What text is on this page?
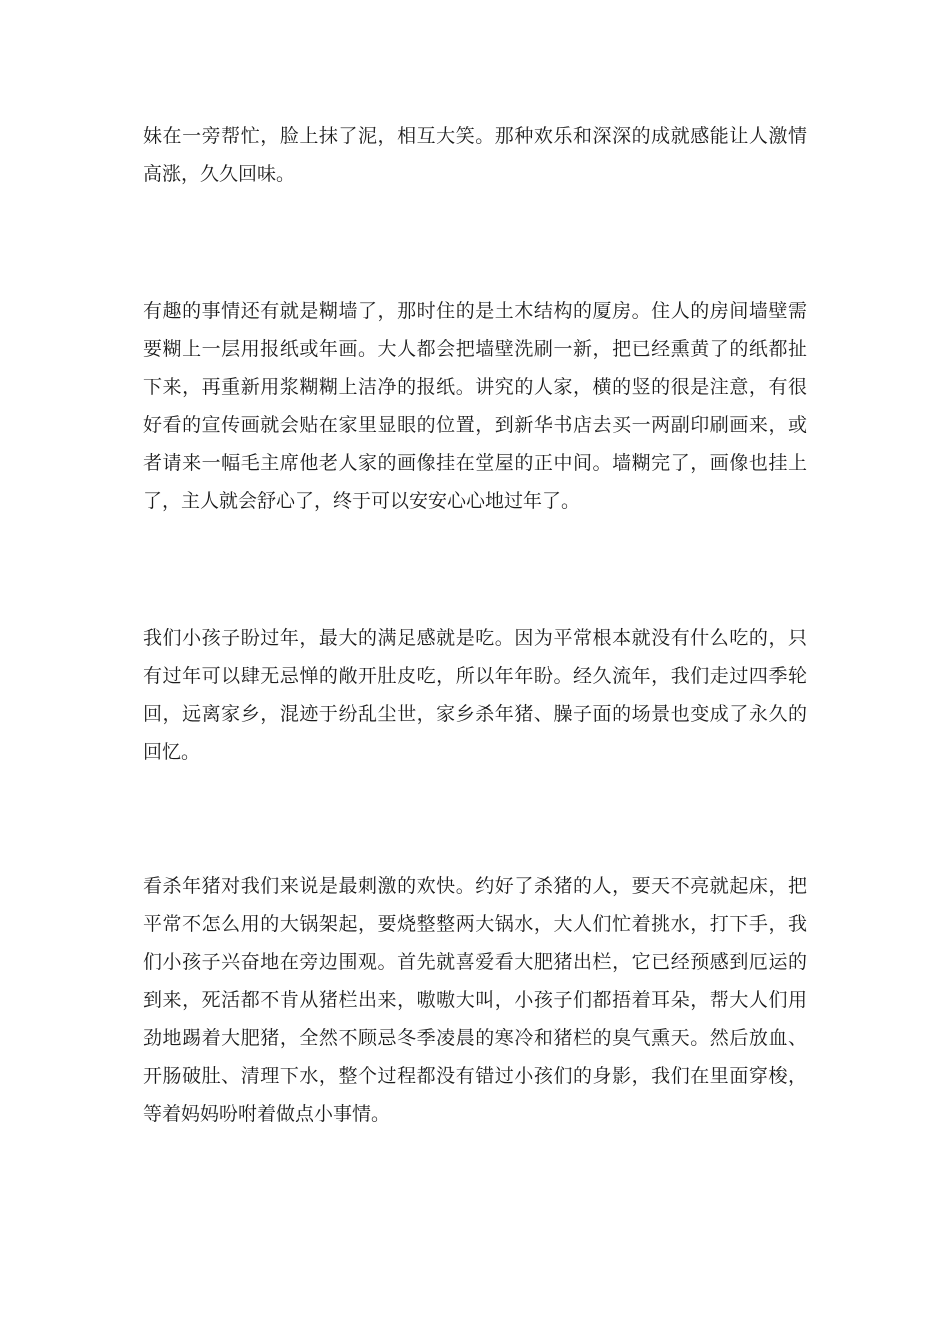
妹在一旁帮忙，脸上抹了泥，相互大笑。那种欢乐和深深的成就感能让人激情
高涨，久久回味。
有趣的事情还有就是糊墙了，那时住的是土木结构的厦房。住人的房间墙壁需
要糊上一层用报纸或年画。大人都会把墙壁洗刷一新，把已经熏黄了的纸都扯
下来，再重新用浆糊糊上洁净的报纸。讲究的人家，横的竖的很是注意，有很
好看的宣传画就会贴在家里显眼的位置，到新华书店去买一两副印刷画来，或
者请来一幅毛主席他老人家的画像挂在堂屋的正中间。墙糊完了，画像也挂上
了，主人就会舒心了，终于可以安安心心地过年了。
我们小孩子盼过年，最大的满足感就是吃。因为平常根本就没有什么吃的，只
有过年可以肆无忌惮的敞开肚皮吃，所以年年盼。经久流年，我们走过四季轮
回，远离家乡，混迹于纷乱尘世，家乡杀年猪、臊子面的场景也变成了永久的
回忆。
看杀年猪对我们来说是最刺激的欢快。约好了杀猪的人，要天不亮就起床，把
平常不怎么用的大锅架起，要烧整整两大锅水，大人们忙着挑水，打下手，我
们小孩子兴奋地在旁边围观。首先就喜爱看大肥猪出栏，它已经预感到厄运的
到来，死活都不肯从猪栏出来，嗷嗷大叫，小孩子们都捂着耳朵，帮大人们用
劲地踢着大肥猪，全然不顾忌冬季凌晨的寒冷和猪栏的臭气熏天。然后放血、
开肠破肚、清理下水，整个过程都没有错过小孩们的身影，我们在里面穿梭，
等着妈妈吩咐着做点小事情。
